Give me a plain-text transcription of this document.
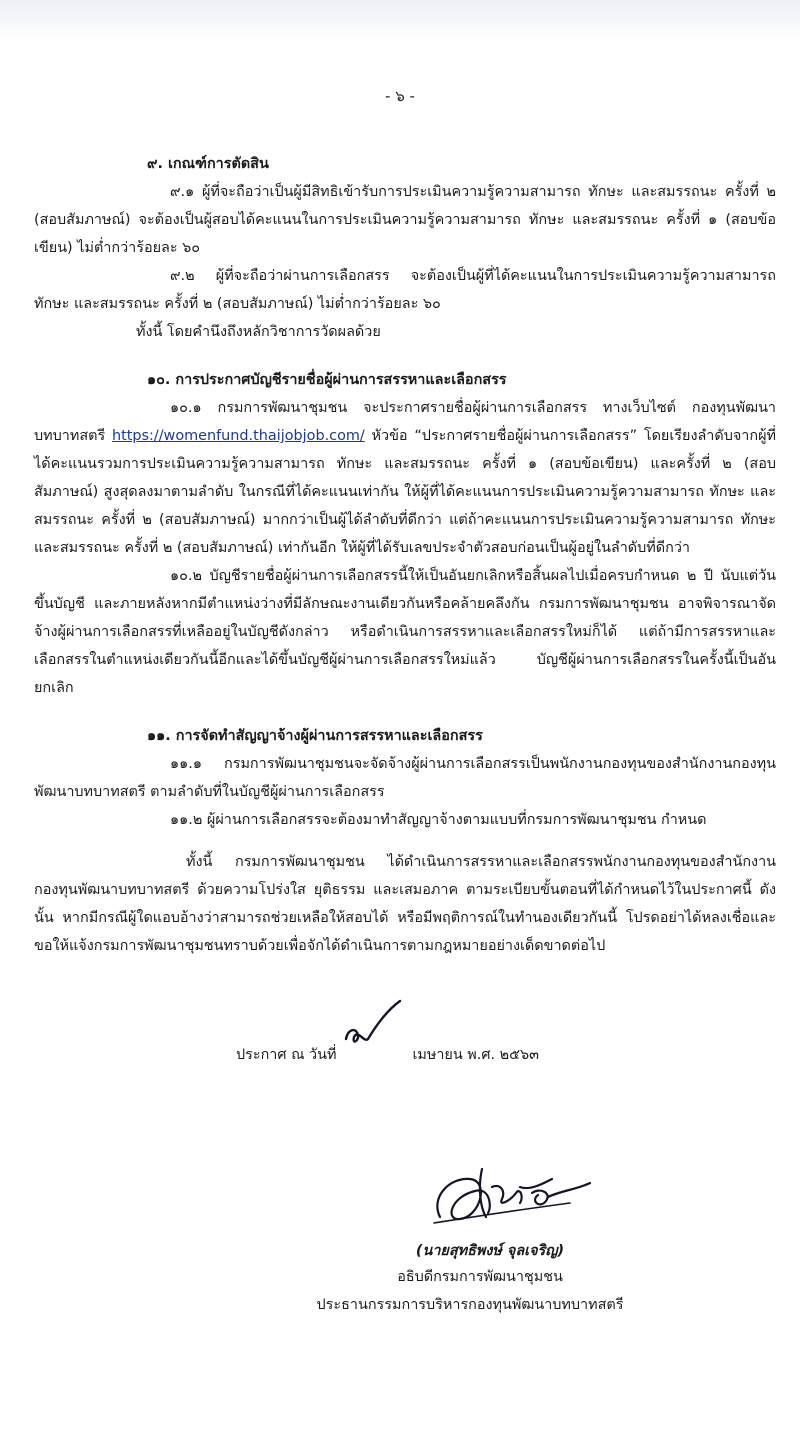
- ๖ -
๙. เกณฑ์การตัดสิน

๙.๑ ผู้ที่จะถือว่าเป็นผู้มีสิทธิเข้ารับการประเมินความรู้ความสามารถ ทักษะ และสมรรถนะ ครั้งที่ ๒ (สอบสัมภาษณ์) จะต้องเป็นผู้สอบได้คะแนนในการประเมินความรู้ความสามารถ ทักษะ และสมรรถนะ ครั้งที่ ๑ (สอบข้อเขียน) ไม่ต่ำกว่าร้อยละ ๖๐

๙.๒ ผู้ที่จะถือว่าผ่านการเลือกสรร จะต้องเป็นผู้ที่ได้คะแนนในการประเมินความรู้ความสามารถ ทักษะ และสมรรถนะ ครั้งที่ ๒ (สอบสัมภาษณ์) ไม่ต่ำกว่าร้อยละ ๖๐

ทั้งนี้ โดยคำนึงถึงหลักวิชาการวัดผลด้วย

๑๐. การประกาศบัญชีรายชื่อผู้ผ่านการสรรหาและเลือกสรร

๑๐.๑ กรมการพัฒนาชุมชน จะประกาศรายชื่อผู้ผ่านการเลือกสรร ทางเว็บไซต์ กองทุนพัฒนาบทบาทสตรี https://womenfund.thaijobjob.com/ หัวข้อ “ประกาศรายชื่อผู้ผ่านการเลือกสรร” โดยเรียงลำดับจากผู้ที่ได้คะแนนรวมการประเมินความรู้ความสามารถ ทักษะ และสมรรถนะ ครั้งที่ ๑ (สอบข้อเขียน) และครั้งที่ ๒ (สอบสัมภาษณ์) สูงสุดลงมาตามลำดับ ในกรณีที่ได้คะแนนเท่ากัน ให้ผู้ที่ได้คะแนนการประเมินความรู้ความสามารถ ทักษะ และสมรรถนะ ครั้งที่ ๒ (สอบสัมภาษณ์) มากกว่าเป็นผู้ได้ลำดับที่ดีกว่า แต่ถ้าคะแนนการประเมินความรู้ความสามารถ ทักษะ และสมรรถนะ ครั้งที่ ๒ (สอบสัมภาษณ์) เท่ากันอีก ให้ผู้ที่ได้รับเลขประจำตัวสอบก่อนเป็นผู้อยู่ในลำดับที่ดีกว่า

๑๐.๒ บัญชีรายชื่อผู้ผ่านการเลือกสรรนี้ให้เป็นอันยกเลิกหรือสิ้นผลไปเมื่อครบกำหนด ๒ ปี นับแต่วันขึ้นบัญชี และภายหลังหากมีตำแหน่งว่างที่มีลักษณะงานเดียวกันหรือคล้ายคลึงกัน กรมการพัฒนาชุมชน อาจพิจารณาจัดจ้างผู้ผ่านการเลือกสรรที่เหลืออยู่ในบัญชีดังกล่าว หรือดำเนินการสรรหาและเลือกสรรใหม่ก็ได้ แต่ถ้ามีการสรรหาและเลือกสรรในตำแหน่งเดียวกันนี้อีกและได้ขึ้นบัญชีผู้ผ่านการเลือกสรรใหม่แล้ว บัญชีผู้ผ่านการเลือกสรรในครั้งนี้เป็นอันยกเลิก

๑๑. การจัดทำสัญญาจ้างผู้ผ่านการสรรหาและเลือกสรร

๑๑.๑ กรมการพัฒนาชุมชนจะจัดจ้างผู้ผ่านการเลือกสรรเป็นพนักงานกองทุนของสำนักงานกองทุนพัฒนาบทบาทสตรี ตามลำดับที่ในบัญชีผู้ผ่านการเลือกสรร

๑๑.๒ ผู้ผ่านการเลือกสรรจะต้องมาทำสัญญาจ้างตามแบบที่กรมการพัฒนาชุมชน กำหนด

ทั้งนี้ กรมการพัฒนาชุมชน ได้ดำเนินการสรรหาและเลือกสรรพนักงานกองทุนของสำนักงานกองทุนพัฒนาบทบาทสตรี ด้วยความโปร่งใส ยุติธรรม และเสมอภาค ตามระเบียบขั้นตอนที่ได้กำหนดไว้ในประกาศนี้ ดังนั้น หากมีกรณีผู้ใดแอบอ้างว่าสามารถช่วยเหลือให้สอบได้ หรือมีพฤติการณ์ในทำนองเดียวกันนี้ โปรดอย่าได้หลงเชื่อและขอให้แจ้งกรมการพัฒนาชุมชนทราบด้วยเพื่อจักได้ดำเนินการตามกฎหมายอย่างเด็ดขาดต่อไป

ประกาศ ณ วันที่	เมษายน พ.ศ. ๒๕๖๓
(นายสุทธิพงษ์ จุลเจริญ)
อธิบดีกรมการพัฒนาชุมชน
ประธานกรรมการบริหารกองทุนพัฒนาบทบาทสตรี
